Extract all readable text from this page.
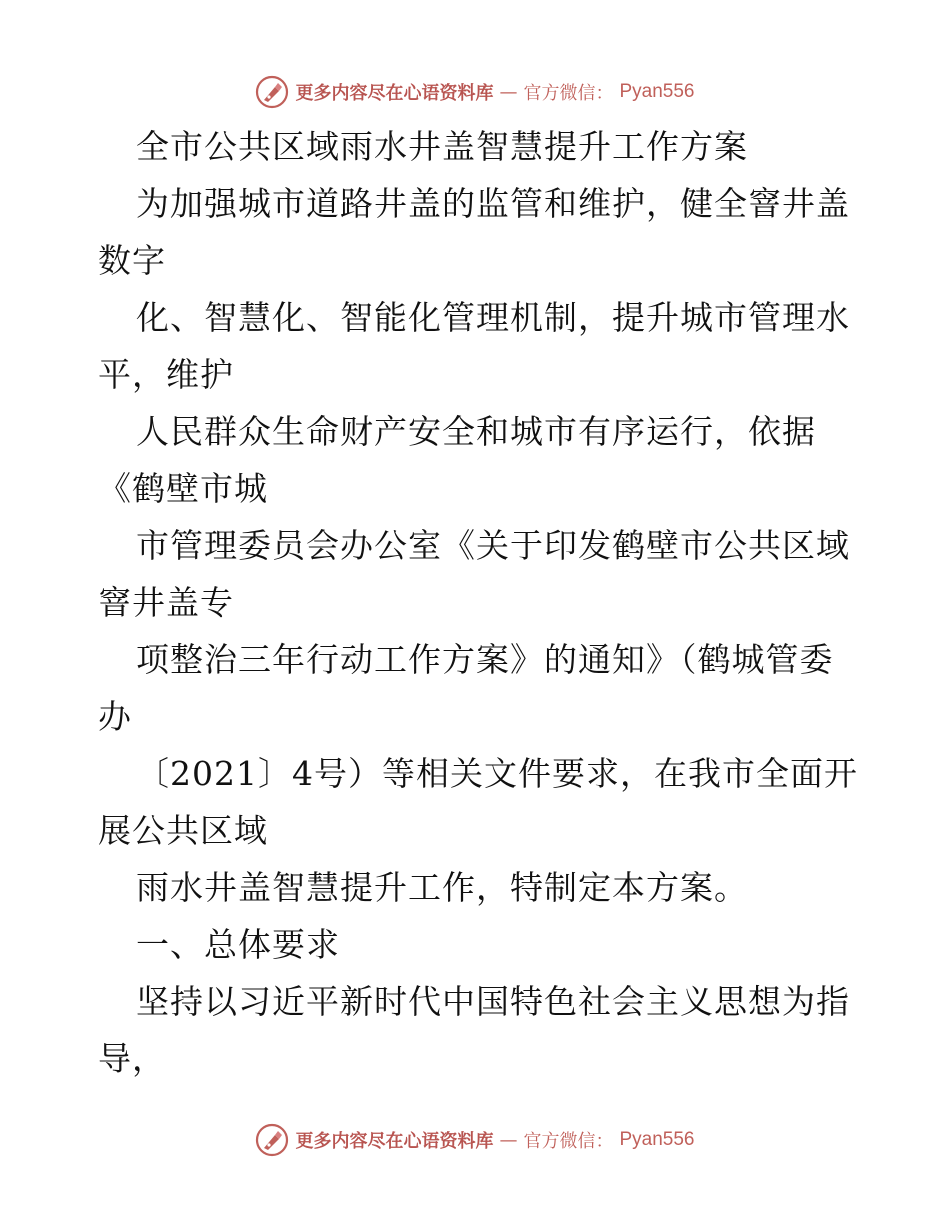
更多内容尽在心语资料库 — 官方微信： Pyan556
全市公共区域雨水井盖智慧提升工作方案
为加强城市道路井盖的监管和维护，健全窨井盖
数字
化、智慧化、智能化管理机制，提升城市管理水
平，维护
人民群众生命财产安全和城市有序运行，依据
《鹤壁市城
市管理委员会办公室《关于印发鹤壁市公共区域
窨井盖专
项整治三年行动工作方案》的通知》（鹤城管委
办
〔2021〕4号）等相关文件要求，在我市全面开
展公共区域
雨水井盖智慧提升工作，特制定本方案。
一、总体要求
坚持以习近平新时代中国特色社会主义思想为指
导，
更多内容尽在心语资料库 — 官方微信： Pyan556
